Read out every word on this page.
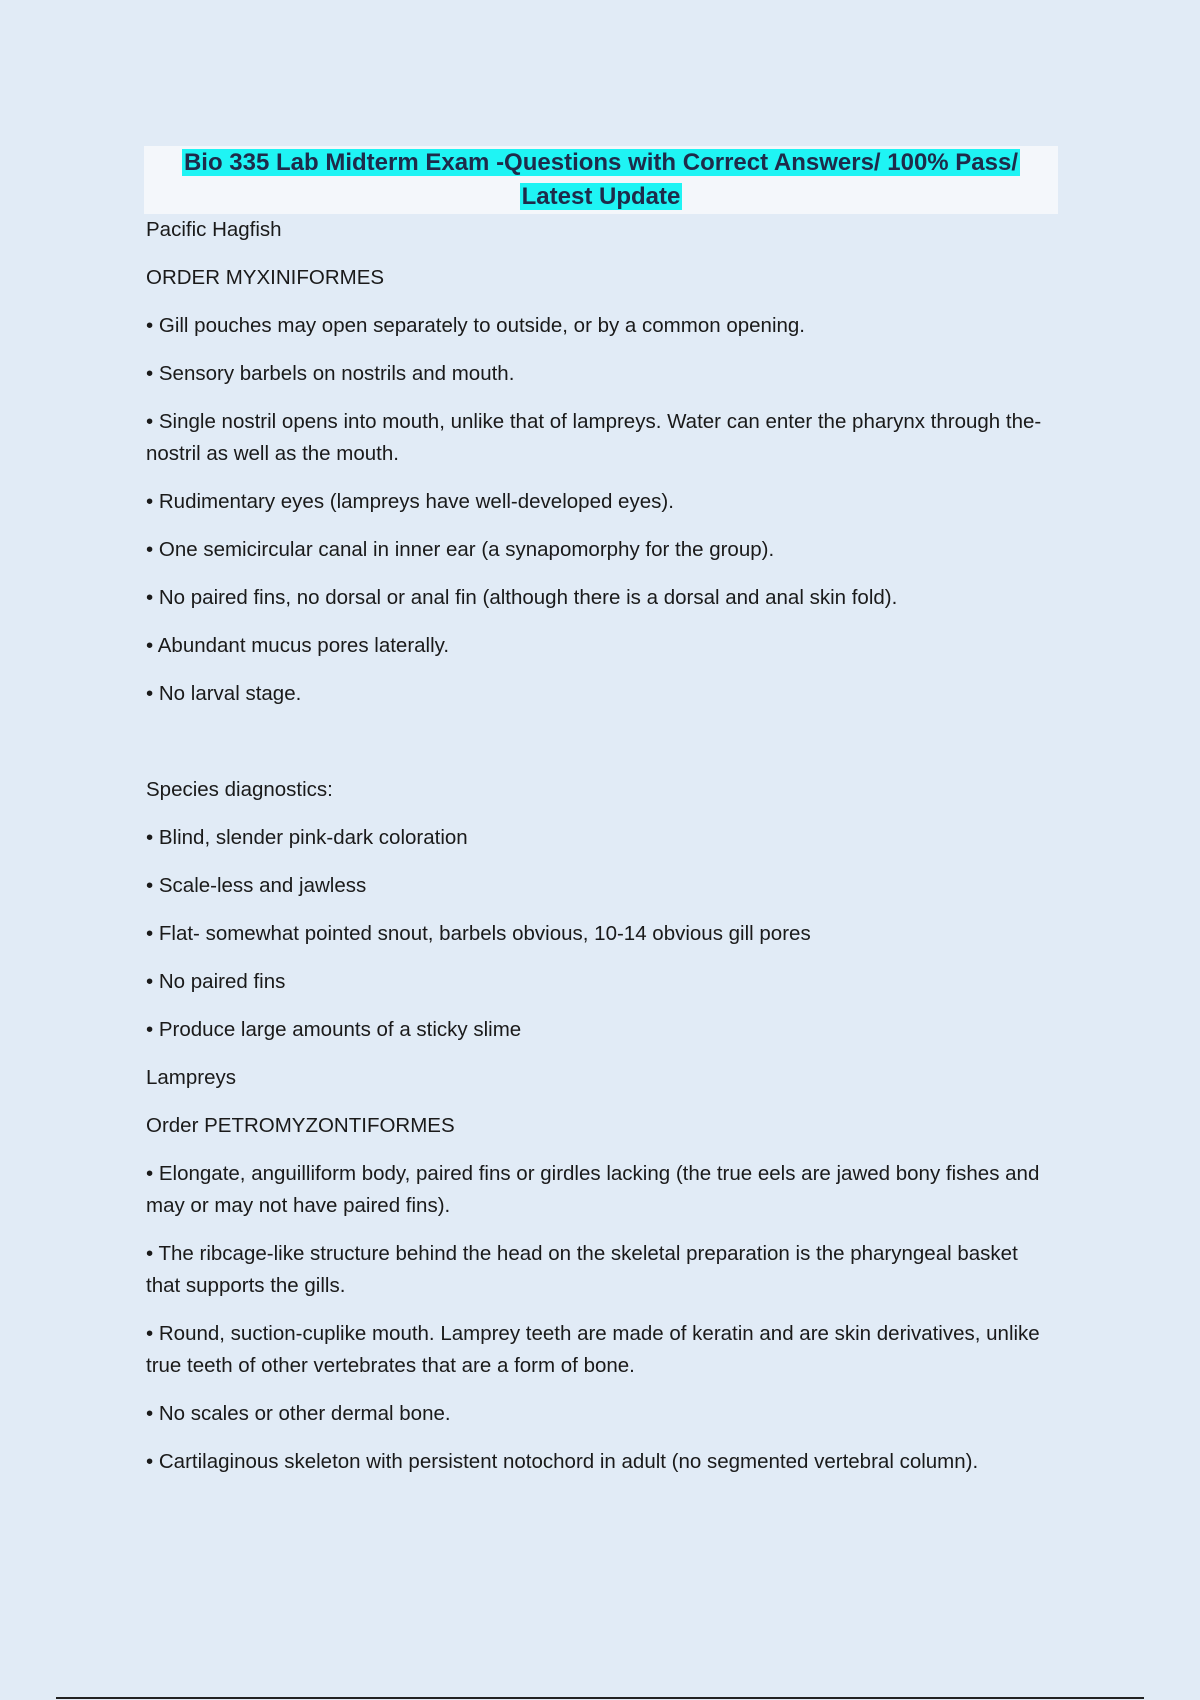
Bio 335 Lab Midterm Exam -Questions with Correct Answers/ 100% Pass/
Latest Update
Pacific Hagfish
ORDER MYXINIFORMES
• Gill pouches may open separately to outside, or by a common opening.
• Sensory barbels on nostrils and mouth.
• Single nostril opens into mouth, unlike that of lampreys. Water can enter the pharynx through the-nostril as well as the mouth.
• Rudimentary eyes (lampreys have well-developed eyes).
• One semicircular canal in inner ear (a synapomorphy for the group).
• No paired fins, no dorsal or anal fin (although there is a dorsal and anal skin fold).
• Abundant mucus pores laterally.
• No larval stage.
Species diagnostics:
• Blind, slender pink-dark coloration
• Scale-less and jawless
• Flat- somewhat pointed snout, barbels obvious, 10-14 obvious gill pores
• No paired fins
• Produce large amounts of a sticky slime
Lampreys
Order PETROMYZONTIFORMES
• Elongate, anguilliform body, paired fins or girdles lacking (the true eels are jawed bony fishes and may or may not have paired fins).
• The ribcage-like structure behind the head on the skeletal preparation is the pharyngeal basket that supports the gills.
• Round, suction-cuplike mouth. Lamprey teeth are made of keratin and are skin derivatives, unlike true teeth of other vertebrates that are a form of bone.
• No scales or other dermal bone.
• Cartilaginous skeleton with persistent notochord in adult (no segmented vertebral column).
